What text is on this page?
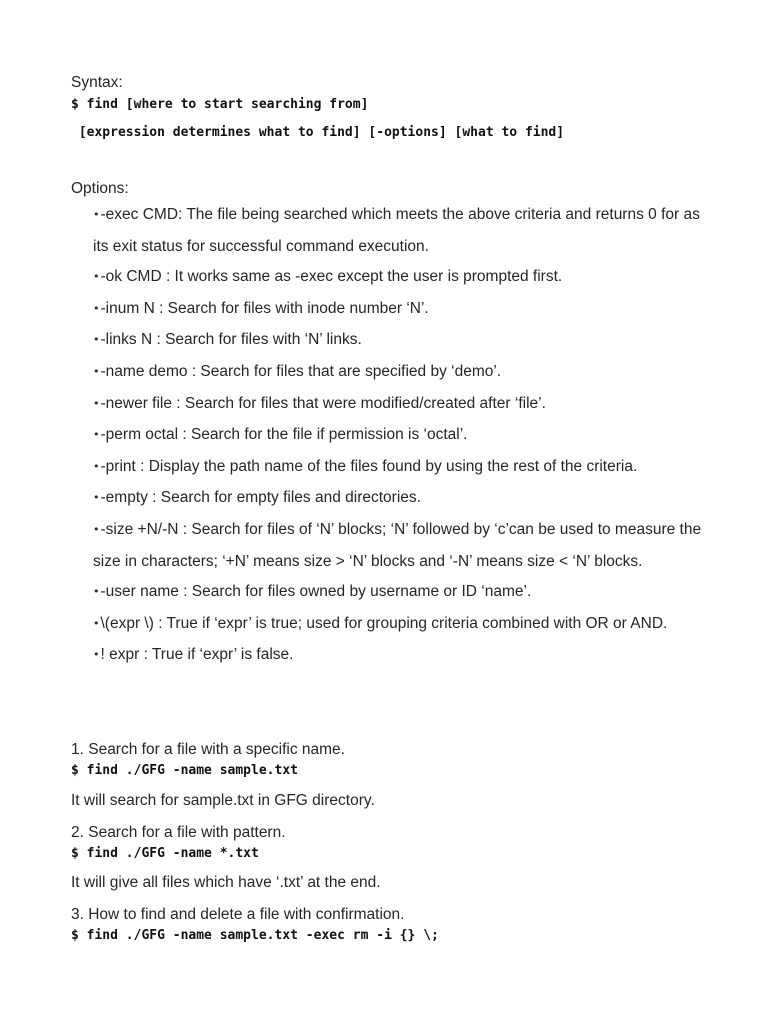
Syntax:
$ find [where to start searching from]
[expression determines what to find] [-options] [what to find]
Options:
•-exec CMD: The file being searched which meets the above criteria and returns 0 for as its exit status for successful command execution.
•-ok CMD : It works same as -exec except the user is prompted first.
•-inum N : Search for files with inode number ‘N’.
•-links N : Search for files with ‘N’ links.
•-name demo : Search for files that are specified by ‘demo’.
•-newer file : Search for files that were modified/created after ‘file’.
•-perm octal : Search for the file if permission is ‘octal’.
•-print : Display the path name of the files found by using the rest of the criteria.
•-empty : Search for empty files and directories.
•-size +N/-N : Search for files of ‘N’ blocks; ‘N’ followed by ‘c’can be used to measure the size in characters; ‘+N’ means size > ‘N’ blocks and ‘-N’ means size < ‘N’ blocks.
•-user name : Search for files owned by username or ID ‘name’.
•\(expr \) : True if ‘expr’ is true; used for grouping criteria combined with OR or AND.
•! expr : True if ‘expr’ is false.
1. Search for a file with a specific name.
$ find ./GFG -name sample.txt
It will search for sample.txt in GFG directory.
2. Search for a file with pattern.
$ find ./GFG -name *.txt
It will give all files which have ‘.txt’ at the end.
3. How to find and delete a file with confirmation.
$ find ./GFG -name sample.txt -exec rm -i {} \;
